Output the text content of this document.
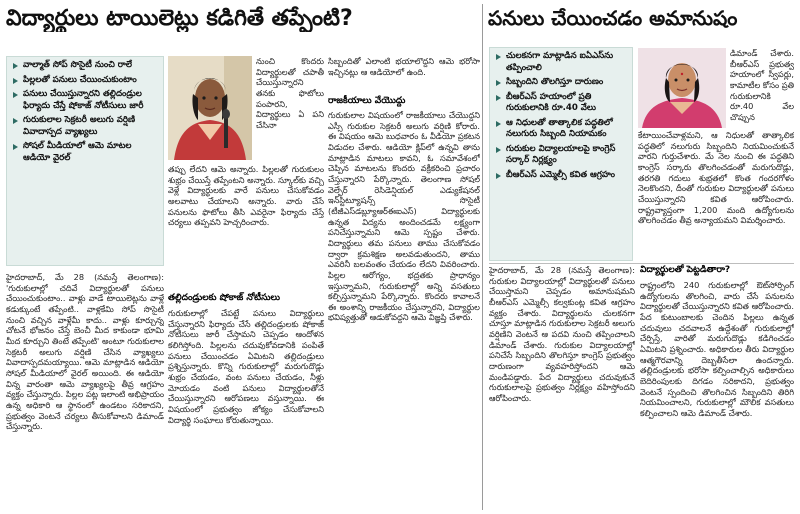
విద్యార్థులు టాయిలెట్లు కడిగితే తప్పేంటి?
వాల్మాత్ సోప్ సొసైటీ నుంచి రాలే
పిల్లలతో పనులు చేయించుకుంటాం
పనులు చేయిస్తున్నారని తల్లిదండ్రుల ఫిర్యాదు చేస్తే షోకాజ్ నోటీసులు జారీ
గురుకులాల సెక్రటరీ అలుగు వర్షిణి వివాదాస్పద వ్యాఖ్యలు
సోషల్ మీడియాలో ఆమె మాటల ఆడియో వైరల్

నుంచి కొందరు విద్యార్థులతో చపాతీ చేయిస్తున్నారని తనకు ఫొటోలు పంపారని, విద్యార్థులు ఏ పని చేసినా

హైదరాబాద్, మే 28 (నమస్తే తెలంగాణ): 'గురుకులాల్లో చదివే విద్యార్థులతో పనులు చేయించుకుంటాం.. వాళ్లు వాడే టాయిలెట్లను వాళ్లే కడుక్కుంటే తప్పేంటి.. వాళ్లకేమి సోప్ సొసైటీ నుంచి వచ్చిన వాళ్లేమీ కాదు.. వాళ్లు కూర్చున్న చోటనే భోజనం చేస్తే బెంచీ మీద కాకుండా భూమి మీద కూర్చుని తింటే తప్పేంటి' అంటూ గురుకులాల సెక్రటరీ అలుగు వర్షిణి చేసిన వ్యాఖ్యలు వివాదాస్పదమయ్యాయి. ఆమె మాట్లాడిన ఆడియో సోషల్ మీడియాలో వైరల్ అయింది. ఈ ఆడియో విన్న వారంతా ఆమె వ్యాఖ్యలపై తీవ్ర ఆగ్రహం వ్యక్తం చేస్తున్నారు. పిల్లల పట్ల ఇలాంటి అభిప్రాయం ఉన్న అధికారి ఆ స్థానంలో ఉండటం సరికాదని, ప్రభుత్వం వెంటనే చర్యలు తీసుకోవాలని డిమాండ్ చేస్తున్నారు.

తప్పు లేదని ఆమె అన్నారు. పిల్లలతో గురుకులం శుభ్రం చేయిస్తే తప్పేంటని అన్నారు. స్కూల్‌కు వచ్చి వెళ్లే విద్యార్థులకు వారే పనులు చేసుకోవడం అలవాటు చేయాలని అన్నారు. వారు చేసే పనులను ఫొటోలు తీసి ఎవరైనా ఫిర్యాదు చేస్తే చర్యలు తప్పవని హెచ్చరించారు.

తల్లిదండ్రులకు షోకాజ్ నోటీసులు

గురుకులాల్లో చేపట్టే పనులు విద్యార్థులు చేస్తున్నారని ఫిర్యాదు చేసే తల్లిదండ్రులకు షోకాజ్ నోటీసులు జారీ చేస్తామని చెప్పడం ఆందోళన కలిగిస్తోంది. పిల్లలను చదువుకోవడానికి పంపితే పనులు చేయించడం ఏమిటని తల్లిదండ్రులు ప్రశ్నిస్తున్నారు. కొన్ని గురుకులాల్లో మరుగుదొడ్లు శుభ్రం చేయడం, వంట పనులు చేయడం, నీళ్లు మోయడం వంటి పనులు విద్యార్థులతోనే చేయిస్తున్నారని ఆరోపణలు వస్తున్నాయి. ఈ విషయంలో ప్రభుత్వం జోక్యం చేసుకోవాలని విద్యార్థి సంఘాలు కోరుతున్నాయి.

సిబ్బందితో ఎలాంటి భయాలొద్దని ఆమె భరోసా ఇచ్చినట్లు ఆ ఆడియోలో ఉంది.

రాజకీయాలు వేయొద్దు

గురుకులాల విషయంలో రాజకీయాలు చేయొద్దని ఎస్సీ గురుకుల సెక్రటరీ అలుగు వర్షిణి కోరారు. ఈ విషయం ఆమె బుధవారం ఓ వీడియో ప్రకటన విడుదల చేశారు. ఆడియో క్లిప్‌లో ఉన్నవి తాను మాట్లాడిన మాటలు కావని, ఓ సమావేశంలో చెప్పిన మాటలను కొందరు వక్రీకరించి ప్రచారం చేస్తున్నారని పేర్కొన్నారు. తెలంగాణ సోషల్ వెల్ఫేర్ రెసిడెన్షియల్ ఎడ్యుకేషనల్ ఇన్‌స్టిట్యూషన్స్ సొసైటీ (టీజీఎస్‌డబ్ల్యూఆర్‌ఈఐఎస్) విద్యార్థులకు ఉన్నత విద్యను అందించడమే లక్ష్యంగా పనిచేస్తున్నామని ఆమె స్పష్టం చేశారు. విద్యార్థులు తమ పనులు తాము చేసుకోవడం ద్వారా క్రమశిక్షణ అలవడుతుందని, తాము ఎవరినీ బలవంతం చేయడం లేదని వివరించారు. పిల్లల ఆరోగ్యం, భద్రతకు ప్రాధాన్యం ఇస్తున్నామని, గురుకులాల్లో అన్ని వసతులు కల్పిస్తున్నామని పేర్కొన్నారు. కొందరు కావాలనే ఈ అంశాన్ని రాజకీయం చేస్తున్నారని, విద్యార్థుల భవిష్యత్తుతో ఆడుకోవద్దని ఆమె విజ్ఞప్తి చేశారు.

పనులు చేయించడం అమానుషం
చులకనగా మాట్లాడిన ఐఏఎస్‌ను తప్పించాలి
సిబ్బందిని తొలగిస్తూ దారుణం
బీఆర్‌ఎస్ హయాంలో ప్రతి గురుకులానికి రూ.40 వేలు
ఆ నిధులతో తాత్కాలిక పద్ధతిలో నలుగురు సిబ్బంది నియామకం
గురుకుల విద్యాలయాలపై కాంగ్రెస్ సర్కార్ నిర్లక్ష్యం
బీఆర్‌ఎస్ ఎమ్మెల్సీ కవిత ఆగ్రహం

డిమాండ్ చేశారు. బీఆర్‌ఎస్ ప్రభుత్వ హయాంలో స్వీపర్లు, కామాటీల కోసం ప్రతి గురుకులానికి రూ.40 వేల చొప్పున

కేటాయించేవాళ్లమని, ఆ నిధులతో తాత్కాలిక పద్ధతిలో నలుగురు సిబ్బందిని నియమించుకునే వారని గుర్తుచేశారు. మే నెల నుంచి ఈ పద్ధతిని కాంగ్రెస్ సర్కారు తొలగించడంతో మరుగుదొడ్లు, తరగతి గదులు శుభ్రతలో కొంత గందరగోళం నెలకొందని, దీంతో గురుకుల విద్యార్థులతో పనులు చేయిస్తున్నారని కవిత ఆరోపించారు. రాష్ట్రవ్యాప్తంగా 1,200 మంది ఉద్యోగులను తొలగించడం తీవ్ర అన్యాయమని విమర్శించారు.

హైదరాబాద్, మే 28 (నమస్తే తెలంగాణ): గురుకుల విద్యాలయాల్లో విద్యార్థులతో పనులు చేయిస్తామని చెప్పడం అమానుషమని బీఆర్‌ఎస్ ఎమ్మెల్సీ కల్వకుంట్ల కవిత ఆగ్రహం వ్యక్తం చేశారు. విద్యార్థులను చులకనగా చూస్తూ మాట్లాడిన గురుకులాల సెక్రటరీ అలుగు వర్షిణిని వెంటనే ఆ పదవి నుంచి తప్పించాలని డిమాండ్ చేశారు. గురుకుల విద్యాలయాల్లో పనిచేసే సిబ్బందిని తొలగిస్తూ కాంగ్రెస్ ప్రభుత్వం దారుణంగా వ్యవహరిస్తోందని ఆమె మండిపడ్డారు. పేద విద్యార్థులు చదువుకునే గురుకులాలపై ప్రభుత్వం నిర్లక్ష్యం వహిస్తోందని ఆరోపించారు.

విద్యార్థులతో పెట్టడితారా?

రాష్ట్రంలోని 240 గురుకులాల్లో ఔట్‌సోర్సింగ్ ఉద్యోగులను తొలగించి, వారు చేసే పనులను విద్యార్థులతో చేయిస్తున్నారని కవిత ఆరోపించారు. పేద కుటుంబాలకు చెందిన పిల్లలు ఉన్నత చదువులు చదవాలనే ఉద్దేశంతో గురుకులాల్లో చేర్పిస్తే, వారితో మరుగుదొడ్లు కడిగించడం ఏమిటని ప్రశ్నించారు. అధికారుల తీరు విద్యార్థుల ఆత్మగౌరవాన్ని దెబ్బతీసేలా ఉందన్నారు. తల్లిదండ్రులకు భరోసా కల్పించాల్సిన అధికారులు బెదిరింపులకు దిగడం సరికాదని, ప్రభుత్వం వెంటనే స్పందించి తొలగించిన సిబ్బందిని తిరిగి నియమించాలని, గురుకులాల్లో మౌలిక వసతులు కల్పించాలని ఆమె డిమాండ్ చేశారు.
